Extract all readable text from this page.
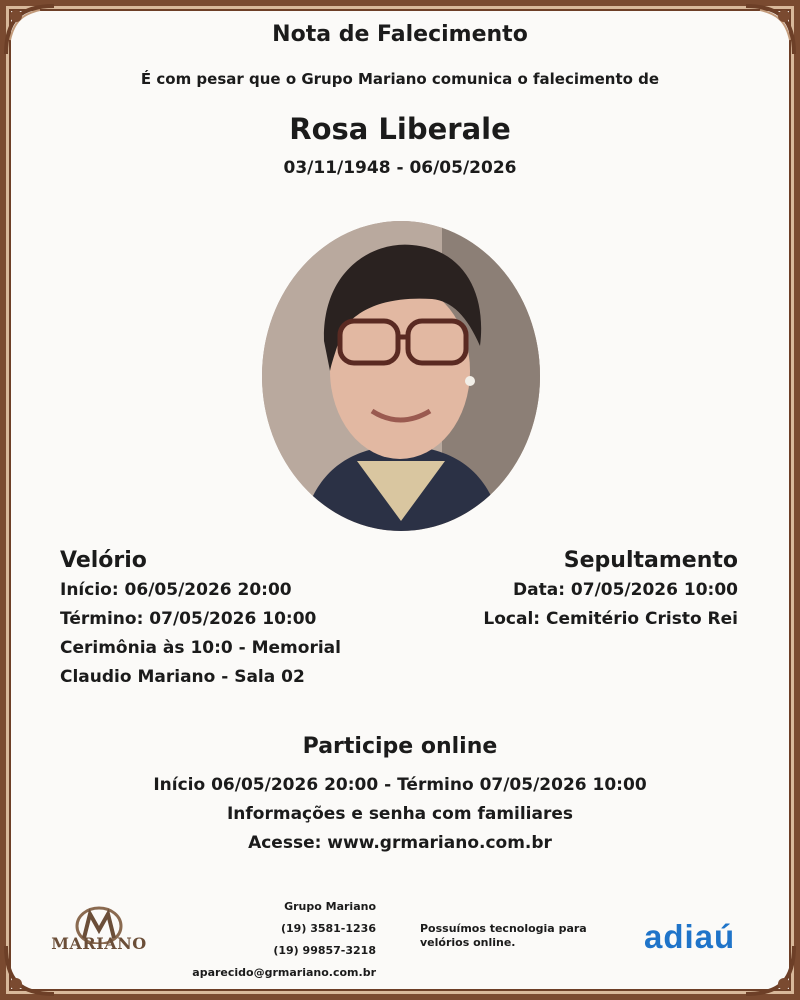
Nota de Falecimento
É com pesar que o Grupo Mariano comunica o falecimento de
Rosa Liberale
03/11/1948 - 06/05/2026
Velório
Início: 06/05/2026 20:00
Término: 07/05/2026 10:00
Cerimônia às 10:0 - Memorial
Claudio Mariano - Sala 02
Sepultamento
Data: 07/05/2026 10:00
Local: Cemitério Cristo Rei
Participe online
Início 06/05/2026 20:00 - Término 07/05/2026 10:00
Informações e senha com familiares
Acesse: www.grmariano.com.br
MARIANO
Grupo Mariano
(19) 3581-1236
(19) 99857-3218
aparecido@grmariano.com.br
Possuímos tecnologia para velórios online.	adiaú
